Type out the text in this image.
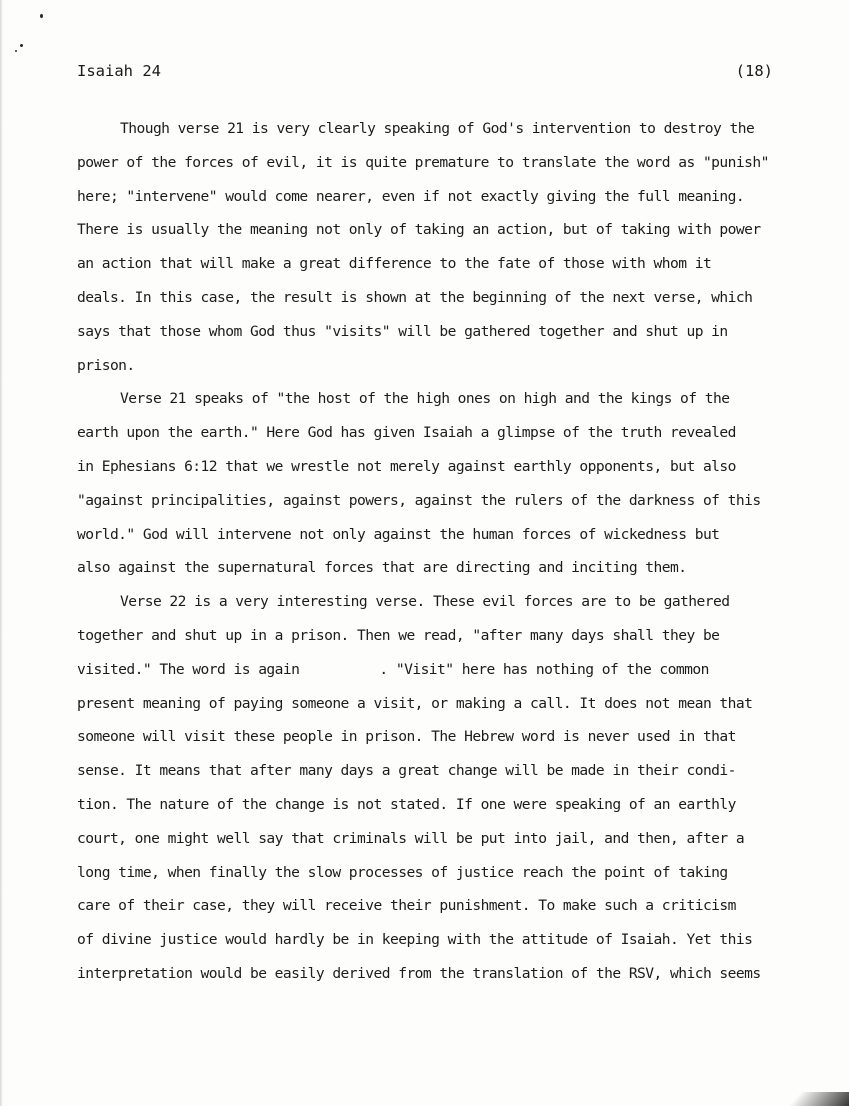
Isaiah 24	(18)
Though verse 21 is very clearly speaking of God's intervention to destroy the
power of the forces of evil, it is quite premature to translate the word as "punish"
here; "intervene" would come nearer, even if not exactly giving the full meaning.
There is usually the meaning not only of taking an action, but of taking with power
an action that will make a great difference to the fate of those with whom it
deals. In this case, the result is shown at the beginning of the next verse, which
says that those whom God thus "visits" will be gathered together and shut up in
prison.
Verse 21 speaks of "the host of the high ones on high and the kings of the
earth upon the earth." Here God has given Isaiah a glimpse of the truth revealed
in Ephesians 6:12 that we wrestle not merely against earthly opponents, but also
"against principalities, against powers, against the rulers of the darkness of this
world." God will intervene not only against the human forces of wickedness but
also against the supernatural forces that are directing and inciting them.
Verse 22 is a very interesting verse. These evil forces are to be gathered
together and shut up in a prison. Then we read, "after many days shall they be
visited." The word is again	. "Visit" here has nothing of the common
present meaning of paying someone a visit, or making a call. It does not mean that
someone will visit these people in prison. The Hebrew word is never used in that
sense. It means that after many days a great change will be made in their condi-
tion. The nature of the change is not stated. If one were speaking of an earthly
court, one might well say that criminals will be put into jail, and then, after a
long time, when finally the slow processes of justice reach the point of taking
care of their case, they will receive their punishment. To make such a criticism
of divine justice would hardly be in keeping with the attitude of Isaiah. Yet this
interpretation would be easily derived from the translation of the RSV, which seems
